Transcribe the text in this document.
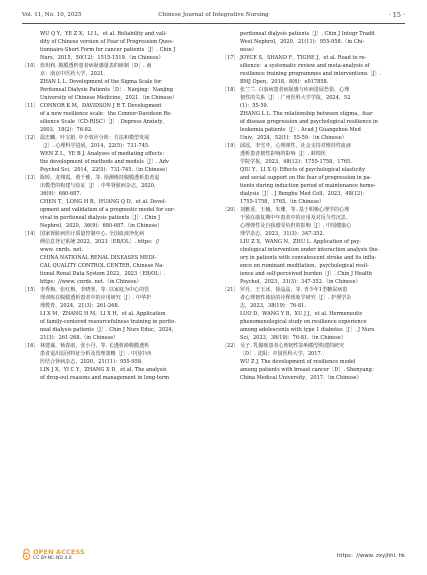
Vol. 11, No. 10, 2025	Chinese Journal of Integrative Nursing	· 15 ·
WU Q Y，YE Z X，LI L，et al. Reliability and vali-
dity of Chinese version of Fear of Progression Ques-
tionnaire-Short Form for cancer patients［J］. Chin J
Nurs，2015，50(12)：1515-1519.（in Chinese）
［10］ 詹玥莉. 腹膜透析患者病耻感量表的研制［D］. 南
京：南京中医药大学，2021.
ZHAN L L. Development of the Sigma Scale for
Peritoneal Dialysis Patients［D］. Nanjing：Nanjing
University of Chinese Medicine，2021.（in Chinese）
［11］ CONNOR K M，DAVIDSON J R T. Development
of a new resilience scale：the Connor-Davidson Re-
silience Scale（CD-RISC）［J］. Depress Anxiety，
2003，18(2)：76-82.
［12］ 温忠麟，叶宝娟. 中介效应分析：方法和模型发展
［J］. 心理科学进展，2014，22(5)：731-745.
WEN Z L，YE B J. Analyses of mediating effects：
the development of methods and models［J］. Adv
Psychol Sci，2014，22(5)：731-745.（in Chinese）
［13］ 陈婷，龙翔霞，黄千雅，等. 预测维持腹膜透析患者退
出模型的构建与验证［J］. 中华肾脏病杂志，2020，
36(9)：680-687.
CHEN T，LONG H B，HUANG Q D，et al. Devel-
opment and validation of a prognostic model for sur-
vival in peritoneal dialysis patients［J］. Chin J
Nephrol，2020，36(9)：680-687.（in Chinese）
［14］ 国家肾脏病医疗质量控制中心. 全国血液净化病
例信息登记系统 2022，2023［EB/OL］. https：//
www. cnrds. net.
CHINA NATIONAL RENAL DISEASES MEDI-
CAL QUALITY CONTROL CENTER. Chinese Na-
tional Renal Data System 2022，2023［EB/OL］.
https：//www. cnrds. net.（in Chinese）
［15］ 李秀梅，张红梅，李晓寒，等. 以家庭为中心的管
理训练在腹膜透析患者中的应用研究［J］. 中华护
理教育，2024，21(3)：261-268.
LI X M，ZHANG H M，LI X H，et al. Application
of family-centered resourcefulness training in perito-
neal dialysis patients［J］. Chin J Nurs Educ，2024，
21(3)：261-268.（in Chinese）
［16］ 林建谋，杨春雨，张小丹，等. 长透析龄腹膜透析
患者退出原因特征分析及管理策略［J］. 中国中西
医结合肾病杂志，2020，21(11)：955-958.
LIN J X，YI C Y，ZHANG X D，et al. The analysis
of drop-out reasons and management in long-term
peritoneal dialysis patients［J］. Chin J Integr Tradit
West Nephrol，2020，21(11)：955-958.（in Chi-
nese）
［17］ JOYCE S，SHAND F，TIGHE J，et al. Road to re-
silience：a systematic review and meta-analysis of
resilience training programmes and interventions［J］.
BMJ Open，2018，8(6)：e017858.
［18］ 张兰兰. 白血病患者病耻感与疾病进展恐惧、心理
韧性的关系［J］. 广州医科大学学报，2024，52
(1)：55-59.
ZHANG L L. The relationship between stigma，fear
of disease progression and psychological resilience in
leukemia patients［J］. Acad J Guangzhou Med
Univ，2024，52(1)：55-59.（in Chinese）
［19］ 邱瑶，李雪芹，心理弹性，社会支持对维持性血液
透析患者韧性影响的影响［J］. 蚌埠医
学院学报，2023，48(12)：1755-1758，1765.
QIU Y，LI X Q. Effects of psychological elasticity
and social support on the fear of progression in pa-
tients during induction period of maintenance hemo-
dialysis［J］. J Bengbu Med Coll，2023，48(12)：
1755-1758，1765.（in Chinese）
［20］ 刘雅香，王楠，朱珊，等. 基于积极心理学的心理
干预在康复期中年患者中的应用及对反刍性沉思、
心理弹性及自我感受负担的影响［J］. 中国健康心
理学杂志，2023，31(3)：347-352.
LIU Z X，WANG N，ZHU L. Application of psy-
chological intervention under interaction analysis the-
ory in patients with convalescent stroke and its influ-
ence on ruminant meditation，psychological resil-
ience and self-perceived burden［J］. Chin J Health
Psychol，2023，31(3)：347-352.（in Chinese）
［21］ 罗丹，王玉冰，徐晶晶，等. 青少年1型糖尿病患
者心理韧性体验的诠释现象学研究［J］. 护理学杂
志，2023，38(19)：76-81.
LUO D，WANG Y B，XU J J，et al. Hermeneutic
phenomenological study on resilience experience
among adolescents with type 1 diabetes［J］. J Nurs
Sci，2023，38(19)：76-81.（in Chinese）
［22］ 吴子. 乳腺癌患者心理韧性影响模型构建的研究
［D］. 沈阳：中国医科大学，2017.
WU Z J. The development of resilience model
among patients with breast cancer［D］. Shenyang：
China Medical University，2017.（in Chinese）
OPEN ACCESS
CC BY-NC-ND 4.0	https：//www. zxyjhhl. hk
